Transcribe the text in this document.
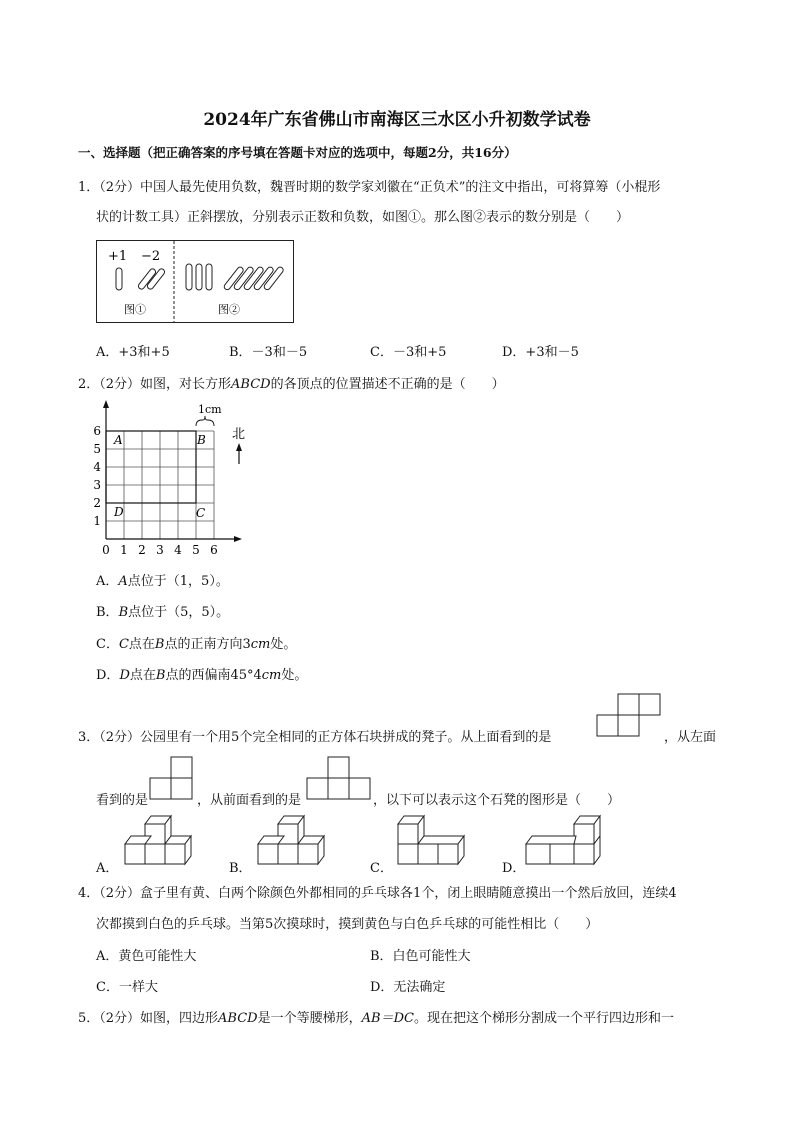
2024年广东省佛山市南海区三水区小升初数学试卷
一、选择题（把正确答案的序号填在答题卡对应的选项中，每题2分，共16分）
1．（2分）中国人最先使用负数，魏晋时期的数学家刘徽在“正负术”的注文中指出，可将算筹（小棍形
状的计数工具）正斜摆放，分别表示正数和负数，如图①。那么图②表示的数分别是（　　）
+1 −2
图①	图②
A．+3和+5	B．－3和－5	C．－3和+5	D．+3和－5
2．（2分）如图，对长方形ABCD的各顶点的位置描述不正确的是（　　）
1cm
北
A	B
C
D
1
2
3
4
5
6
0 1 2 3 4 5 6
A．A点位于（1，5）。
B．B点位于（5，5）。
C．C点在B点的正南方向3cm处。
D．D点在B点的西偏南45°4cm处。
3．（2分）公园里有一个用5个完全相同的正方体石块拼成的凳子。从上面看到的是	，从左面
看到的是	，从前面看到的是	，以下可以表示这个石凳的图形是（　　）
A．	B．	C．	D．
4．（2分）盒子里有黄、白两个除颜色外都相同的乒乓球各1个，闭上眼睛随意摸出一个然后放回，连续4
次都摸到白色的乒乓球。当第5次摸球时，摸到黄色与白色乒乓球的可能性相比（　　）
A．黄色可能性大	B．白色可能性大
C．一样大	D．无法确定
5．（2分）如图，四边形ABCD是一个等腰梯形，AB＝DC。现在把这个梯形分割成一个平行四边形和一
